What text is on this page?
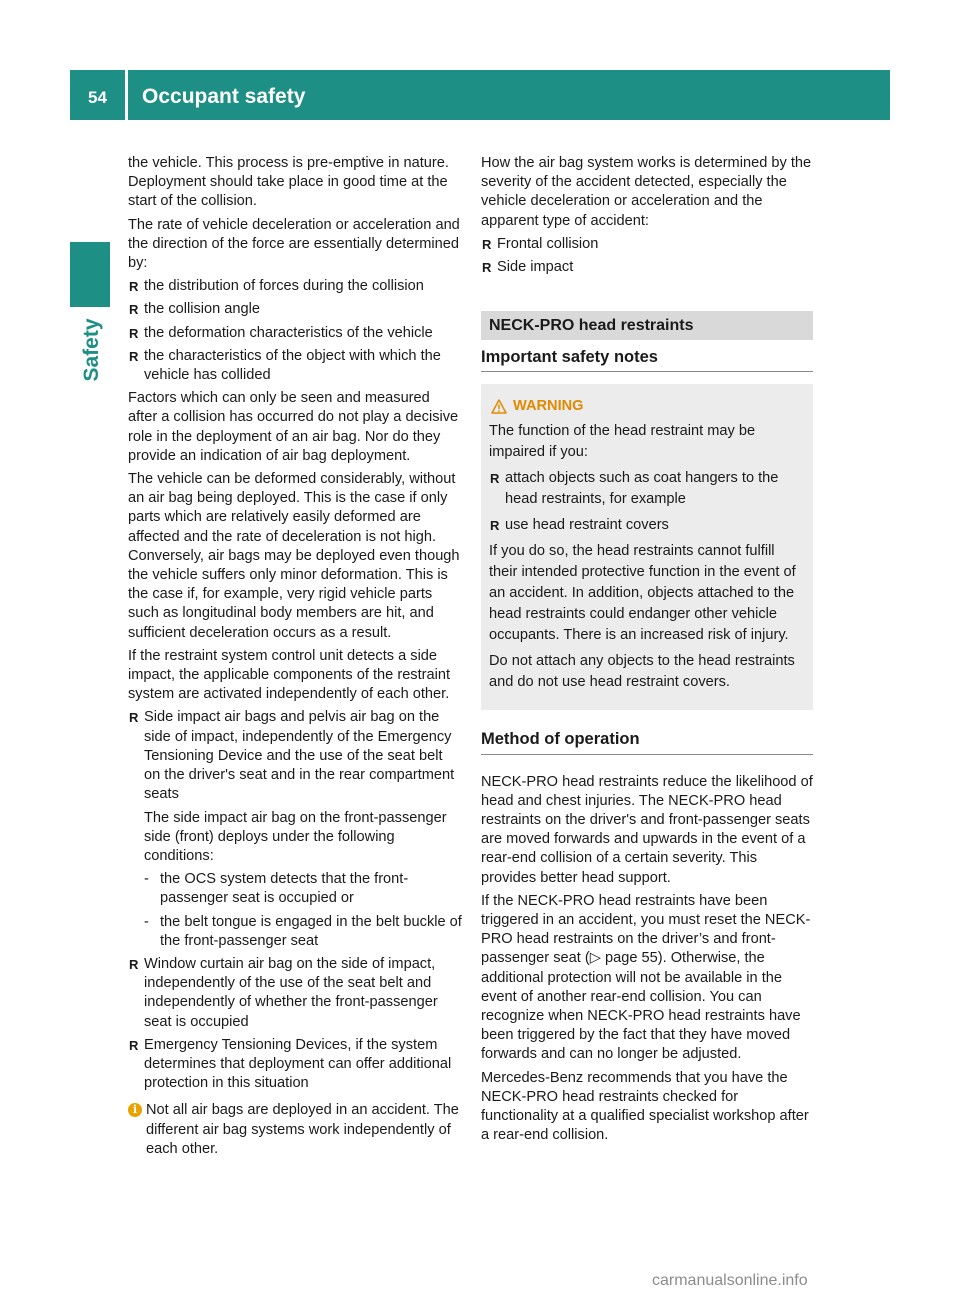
54	Occupant safety
Safety

the vehicle. This process is pre-emptive in nature. Deployment should take place in good time at the start of the collision.

The rate of vehicle deceleration or acceleration and the direction of the force are essentially determined by:

R the distribution of forces during the collision
R the collision angle
R the deformation characteristics of the vehicle
R the characteristics of the object with which the vehicle has collided

Factors which can only be seen and measured after a collision has occurred do not play a decisive role in the deployment of an air bag. Nor do they provide an indication of air bag deployment.

The vehicle can be deformed considerably, without an air bag being deployed. This is the case if only parts which are relatively easily deformed are affected and the rate of deceleration is not high. Conversely, air bags may be deployed even though the vehicle suffers only minor deformation. This is the case if, for example, very rigid vehicle parts such as longitudinal body members are hit, and sufficient deceleration occurs as a result.

If the restraint system control unit detects a side impact, the applicable components of the restraint system are activated independently of each other.

R Side impact air bags and pelvis air bag on the side of impact, independently of the Emergency Tensioning Device and the use of the seat belt on the driver's seat and in the rear compartment seats

The side impact air bag on the front-passenger side (front) deploys under the following conditions:

- the OCS system detects that the front-passenger seat is occupied or
- the belt tongue is engaged in the belt buckle of the front-passenger seat
R Window curtain air bag on the side of impact, independently of the use of the seat belt and independently of whether the front-passenger seat is occupied
R Emergency Tensioning Devices, if the system determines that deployment can offer additional protection in this situation
i Not all air bags are deployed in an accident. The different air bag systems work independently of each other.

How the air bag system works is determined by the severity of the accident detected, especially the vehicle deceleration or acceleration and the apparent type of accident:

R Frontal collision
R Side impact
NECK-PRO head restraints
Important safety notes
WARNING

The function of the head restraint may be impaired if you:

R attach objects such as coat hangers to the head restraints, for example
R use head restraint covers

If you do so, the head restraints cannot fulfill their intended protective function in the event of an accident. In addition, objects attached to the head restraints could endanger other vehicle occupants. There is an increased risk of injury.

Do not attach any objects to the head restraints and do not use head restraint covers.

Method of operation

NECK-PRO head restraints reduce the likelihood of head and chest injuries. The NECK-PRO head restraints on the driver's and front-passenger seats are moved forwards and upwards in the event of a rear-end collision of a certain severity. This provides better head support.

If the NECK-PRO head restraints have been triggered in an accident, you must reset the NECK-PRO head restraints on the driver’s and front-passenger seat (▷ page 55). Otherwise, the additional protection will not be available in the event of another rear-end collision. You can recognize when NECK-PRO head restraints have been triggered by the fact that they have moved forwards and can no longer be adjusted.

Mercedes-Benz recommends that you have the NECK-PRO head restraints checked for functionality at a qualified specialist workshop after a rear-end collision.

carmanualsonline.info
